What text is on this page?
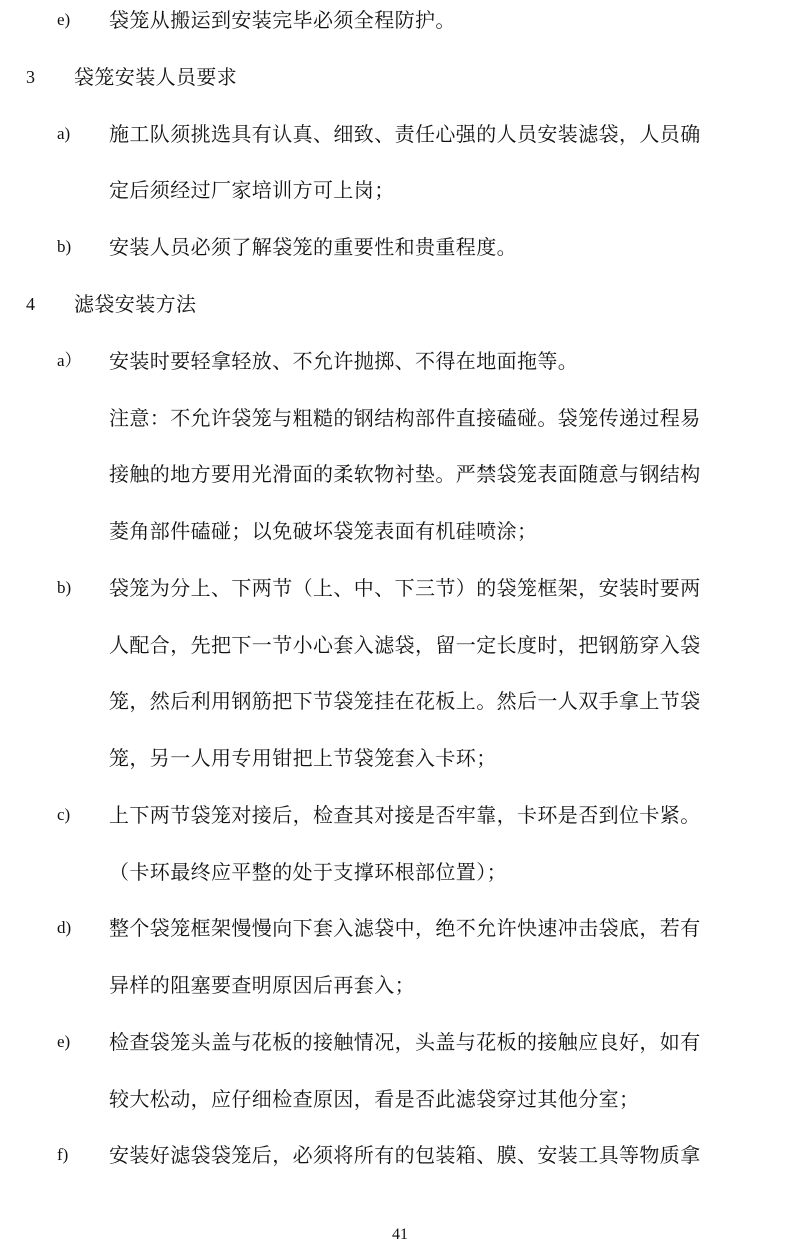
e) 袋笼从搬运到安装完毕必须全程防护。
3 袋笼安装人员要求
a) 施工队须挑选具有认真、细致、责任心强的人员安装滤袋，人员确
定后须经过厂家培训方可上岗；
b) 安装人员必须了解袋笼的重要性和贵重程度。
4 滤袋安装方法
a） 安装时要轻拿轻放、不允许抛掷、不得在地面拖等。
注意：不允许袋笼与粗糙的钢结构部件直接磕碰。袋笼传递过程易
接触的地方要用光滑面的柔软物衬垫。严禁袋笼表面随意与钢结构
菱角部件磕碰；以免破坏袋笼表面有机硅喷涂；
b) 袋笼为分上、下两节（上、中、下三节）的袋笼框架，安装时要两
人配合，先把下一节小心套入滤袋，留一定长度时，把钢筋穿入袋
笼，然后利用钢筋把下节袋笼挂在花板上。然后一人双手拿上节袋
笼，另一人用专用钳把上节袋笼套入卡环；
c) 上下两节袋笼对接后，检查其对接是否牢靠，卡环是否到位卡紧。
（卡环最终应平整的处于支撑环根部位置）；
d) 整个袋笼框架慢慢向下套入滤袋中，绝不允许快速冲击袋底，若有
异样的阻塞要查明原因后再套入；
e) 检查袋笼头盖与花板的接触情况，头盖与花板的接触应良好，如有
较大松动，应仔细检查原因，看是否此滤袋穿过其他分室；
f) 安装好滤袋袋笼后，必须将所有的包装箱、膜、安装工具等物质拿
41
